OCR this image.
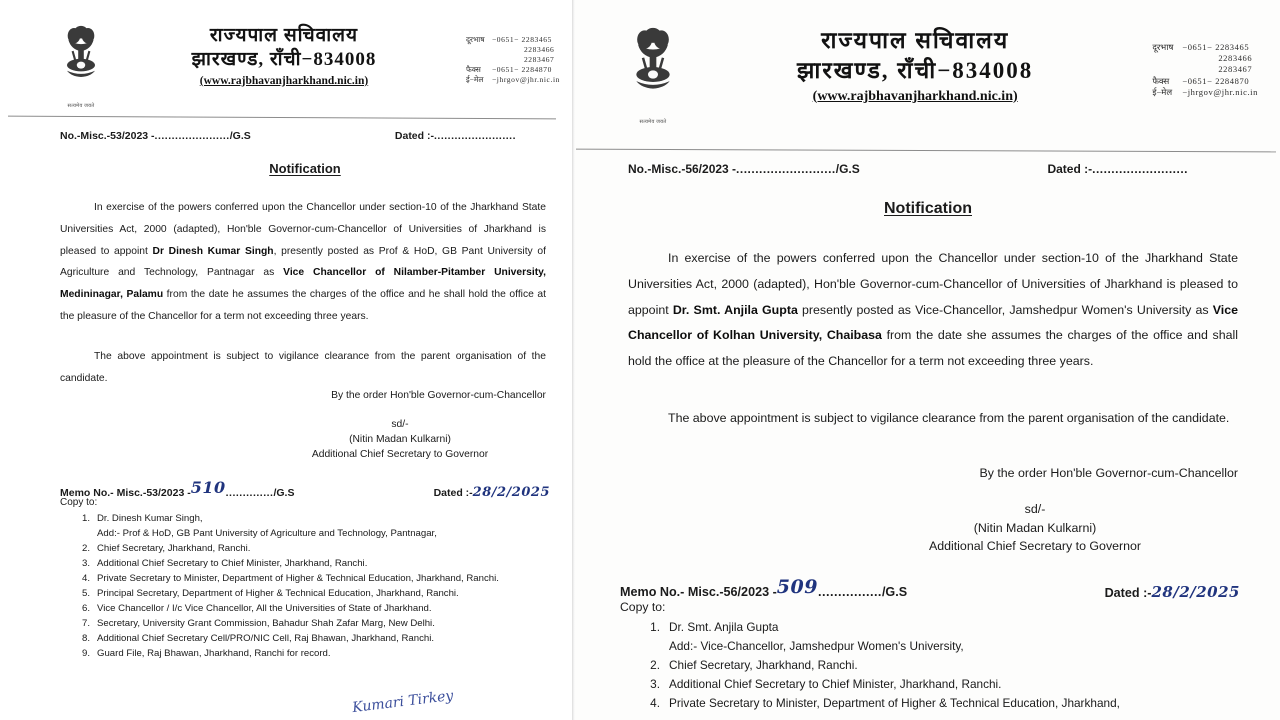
सत्यमेव जयते
राज्यपाल सचिवालय
झारखण्ड, राँची−834008
(www.rajbhavanjharkhand.nic.in)
दूरभाष −0651− 2283465
2283466
2283467
फैक्स	−0651− 2284870
ई−मेल	−jhrgov@jhr.nic.in
No.-Misc.-53/2023 -....................../G.S	Dated :-........................
Notification
In exercise of the powers conferred upon the Chancellor under section-10 of the Jharkhand State Universities Act, 2000 (adapted), Hon'ble Governor-cum-Chancellor of Universities of Jharkhand is pleased to appoint Dr Dinesh Kumar Singh, presently posted as Prof & HoD, GB Pant University of Agriculture and Technology, Pantnagar as Vice Chancellor of Nilamber-Pitamber University, Medininagar, Palamu from the date he assumes the charges of the office and he shall hold the office at the pleasure of the Chancellor for a term not exceeding three years.
The above appointment is subject to vigilance clearance from the parent organisation of the candidate.
By the order Hon'ble Governor-cum-Chancellor
sd/-
(Nitin Madan Kulkarni)
Additional Chief Secretary to Governor
Memo No.- Misc.-53/2023 -510............../G.S	Dated :-28/2/2025
Copy to:
1. Dr. Dinesh Kumar Singh,
Add:- Prof & HoD, GB Pant University of Agriculture and Technology, Pantnagar,
2. Chief Secretary, Jharkhand, Ranchi.
3. Additional Chief Secretary to Chief Minister, Jharkhand, Ranchi.
4. Private Secretary to Minister, Department of Higher & Technical Education, Jharkhand, Ranchi.
5. Principal Secretary, Department of Higher & Technical Education, Jharkhand, Ranchi.
6. Vice Chancellor / I/c Vice Chancellor, All the Universities of State of Jharkhand.
7. Secretary, University Grant Commission, Bahadur Shah Zafar Marg, New Delhi.
8. Additional Chief Secretary Cell/PRO/NIC Cell, Raj Bhawan, Jharkhand, Ranchi.
9. Guard File, Raj Bhawan, Jharkhand, Ranchi for record.
Kumari Tirkey
सत्यमेव जयते
राज्यपाल सचिवालय
झारखण्ड, राँची−834008
(www.rajbhavanjharkhand.nic.in)
दूरभाष	−0651− 2283465
2283466
2283467
फैक्स	−0651− 2284870
ई−मेल	−jhrgov@jhr.nic.in
No.-Misc.-56/2023 -........................../G.S	Dated :-.........................
Notification
In exercise of the powers conferred upon the Chancellor under section-10 of the Jharkhand State Universities Act, 2000 (adapted), Hon'ble Governor-cum-Chancellor of Universities of Jharkhand is pleased to appoint Dr. Smt. Anjila Gupta presently posted as Vice-Chancellor, Jamshedpur Women's University as Vice Chancellor of Kolhan University, Chaibasa from the date she assumes the charges of the office and shall hold the office at the pleasure of the Chancellor for a term not exceeding three years.
The above appointment is subject to vigilance clearance from the parent organisation of the candidate.
By the order Hon'ble Governor-cum-Chancellor
sd/-
(Nitin Madan Kulkarni)
Additional Chief Secretary to Governor
Memo No.- Misc.-56/2023 -509................/G.S	Dated :-28/2/2025
Copy to:
1. Dr. Smt. Anjila Gupta
Add:- Vice-Chancellor, Jamshedpur Women's University,
2. Chief Secretary, Jharkhand, Ranchi.
3. Additional Chief Secretary to Chief Minister, Jharkhand, Ranchi.
4. Private Secretary to Minister, Department of Higher & Technical Education, Jharkhand,
